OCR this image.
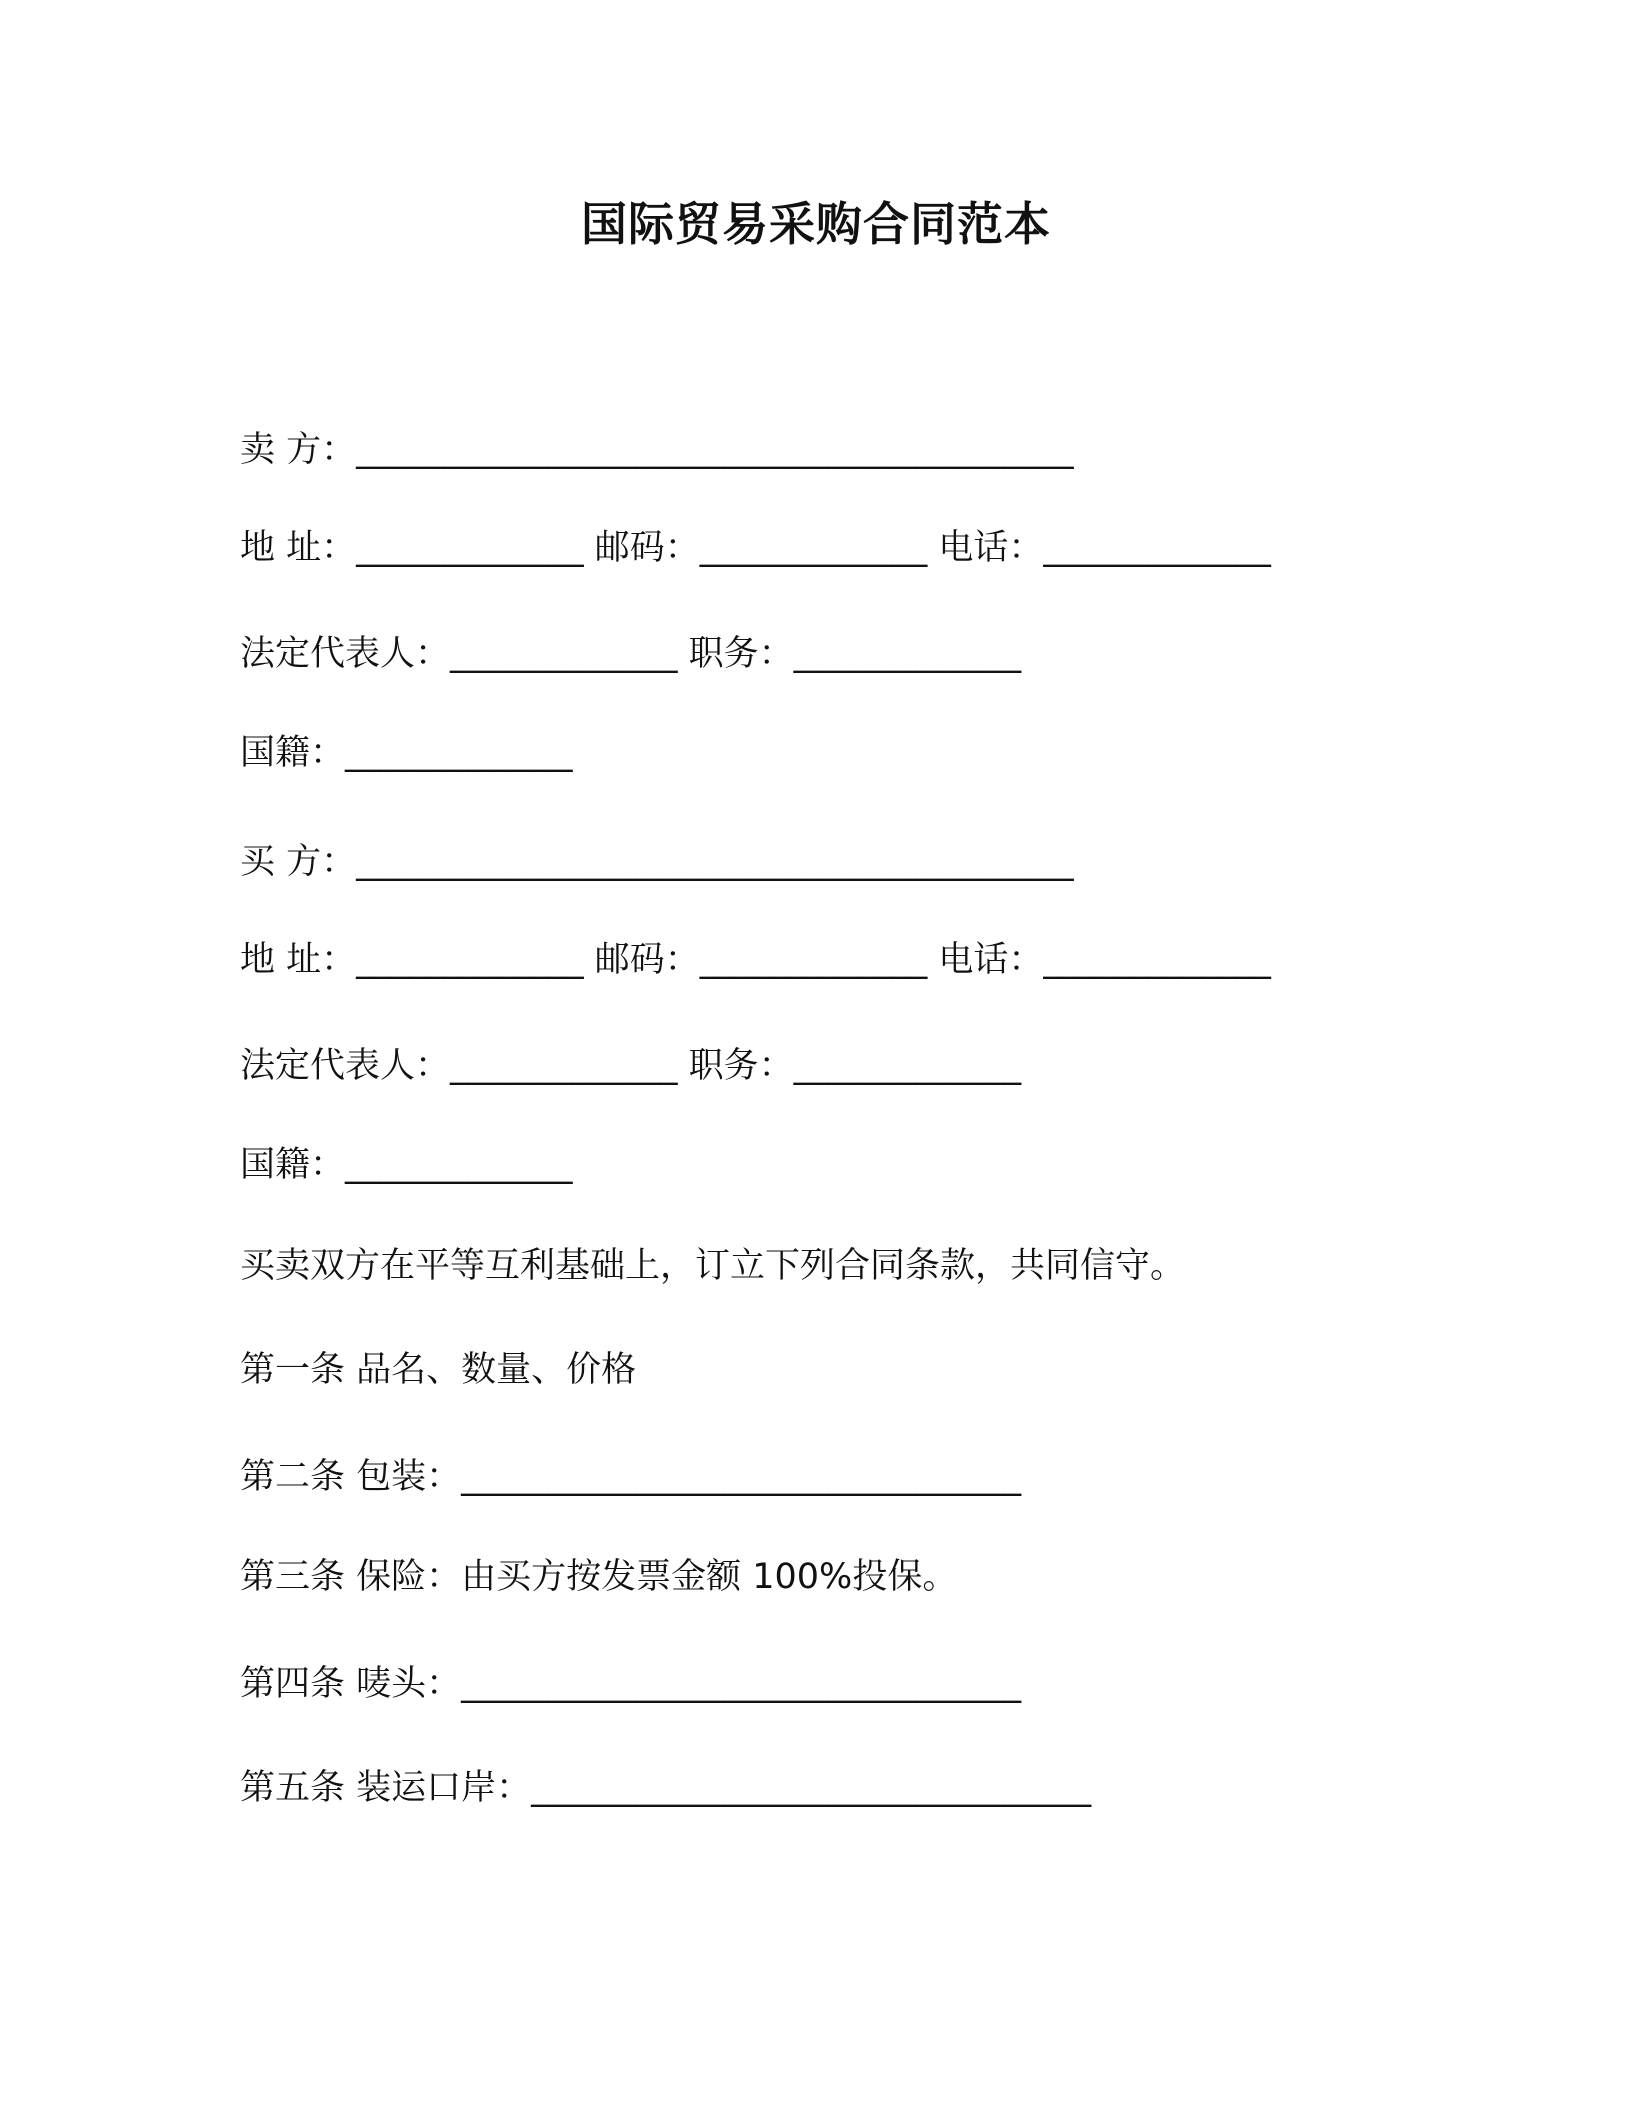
国际贸易采购合同范本
卖 方：_________________________________________
地 址：_____________ 邮码：_____________ 电话：_____________
法定代表人：_____________ 职务：_____________
国籍：_____________
买 方：_________________________________________
地 址：_____________ 邮码：_____________ 电话：_____________
法定代表人：_____________ 职务：_____________
国籍：_____________
买卖双方在平等互利基础上，订立下列合同条款，共同信守。
第一条 品名、数量、价格
第二条 包装：________________________________
第三条 保险：由买方按发票金额 100%投保。
第四条 唛头：________________________________
第五条 装运口岸：________________________________
